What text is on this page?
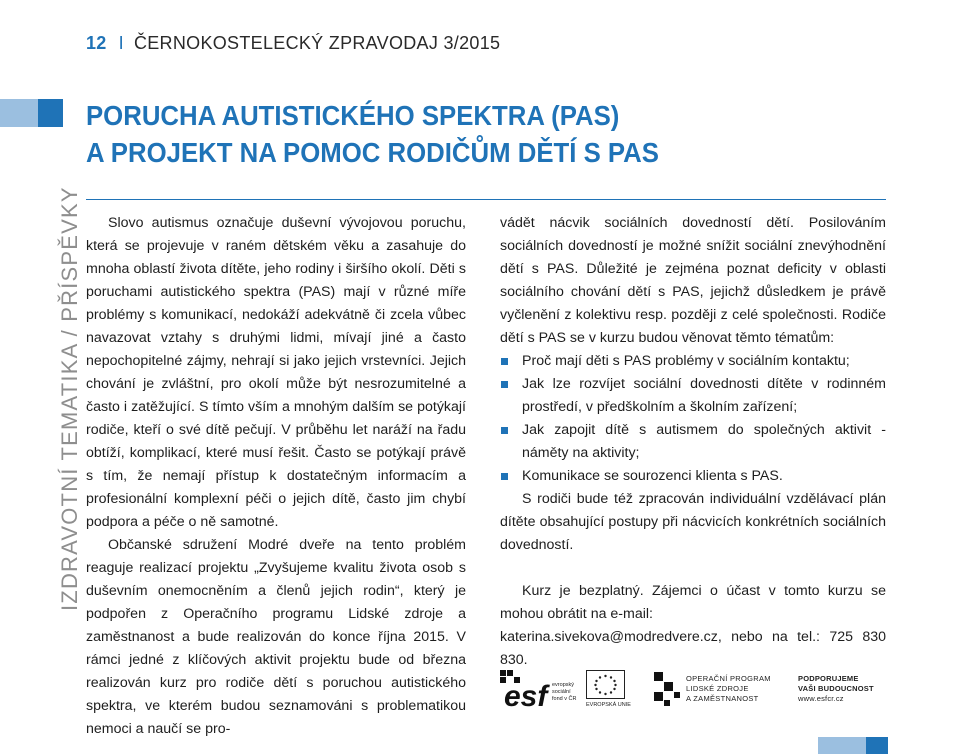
12 I ČERNOKOSTELECKÝ ZPRAVODAJ 3/2015
IZDRAVOTNÍ TEMATIKA / PŘÍSPĚVKY
PORUCHA AUTISTICKÉHO SPEKTRA (PAS)
A PROJEKT NA POMOC RODIČŮM DĚTÍ S PAS

Slovo autismus označuje duševní vývojovou poruchu, která se projevuje v raném dětském věku a zasahuje do mnoha oblastí života dítěte, jeho rodiny i širšího okolí. Děti s poruchami autistického spektra (PAS) mají v různé míře problémy s komunikací, nedokáží adekvátně či zcela vůbec navazovat vztahy s druhými lidmi, mívají jiné a často nepochopitelné zájmy, nehrají si jako jejich vrstevníci. Jejich chování je zvláštní, pro okolí může být nesrozumitelné a často i zatěžující. S tímto vším a mnohým dalším se potýkají rodiče, kteří o své dítě pečují. V průběhu let naráží na řadu obtíží, komplikací, které musí řešit. Často se potýkají právě s tím, že nemají přístup k dostatečným informacím a profesionální komplexní péči o jejich dítě, často jim chybí podpora a péče o ně samotné.

Občanské sdružení Modré dveře na tento problém reaguje realizací projektu „Zvyšujeme kvalitu života osob s duševním onemocněním a členů jejich rodin“, který je podpořen z Operačního programu Lidské zdroje a zaměstnanost a bude realizován do konce října 2015. V rámci jedné z klíčových aktivit projektu bude od března realizován kurz pro rodiče dětí s poruchou autistického spektra, ve kterém budou seznamováni s problematikou nemoci a naučí se pro-

vádět nácvik sociálních dovedností dětí. Posilováním sociálních dovedností je možné snížit sociální znevýhodnění dětí s PAS. Důležité je zejména poznat deficity v oblasti sociálního chování dětí s PAS, jejichž důsledkem je právě vyčlenění z kolektivu resp. později z celé společnosti. Rodiče dětí s PAS se v kurzu budou věnovat těmto tématům:

Proč mají děti s PAS problémy v sociálním kontaktu;
Jak lze rozvíjet sociální dovednosti dítěte v rodinném prostředí, v předškolním a školním zařízení;
Jak zapojit dítě s autismem do společných aktivit - náměty na aktivity;
Komunikace se sourozenci klienta s PAS.

S rodiči bude též zpracován individuální vzdělávací plán dítěte obsahující postupy při nácvicích konkrétních sociálních dovedností.

Kurz je bezplatný. Zájemci o účast v tomto kurzu se mohou obrátit na e-mail:

katerina.sivekova@modredvere.cz, nebo na tel.: 725 830 830.

esf evropský sociální fond v ČR
EVROPSKÁ UNIE
OPERAČNÍ PROGRAM
LIDSKÉ ZDROJE
A ZAMĚSTNANOST
PODPORUJEME
VAŠI BUDOUCNOST
www.esfcr.cz
